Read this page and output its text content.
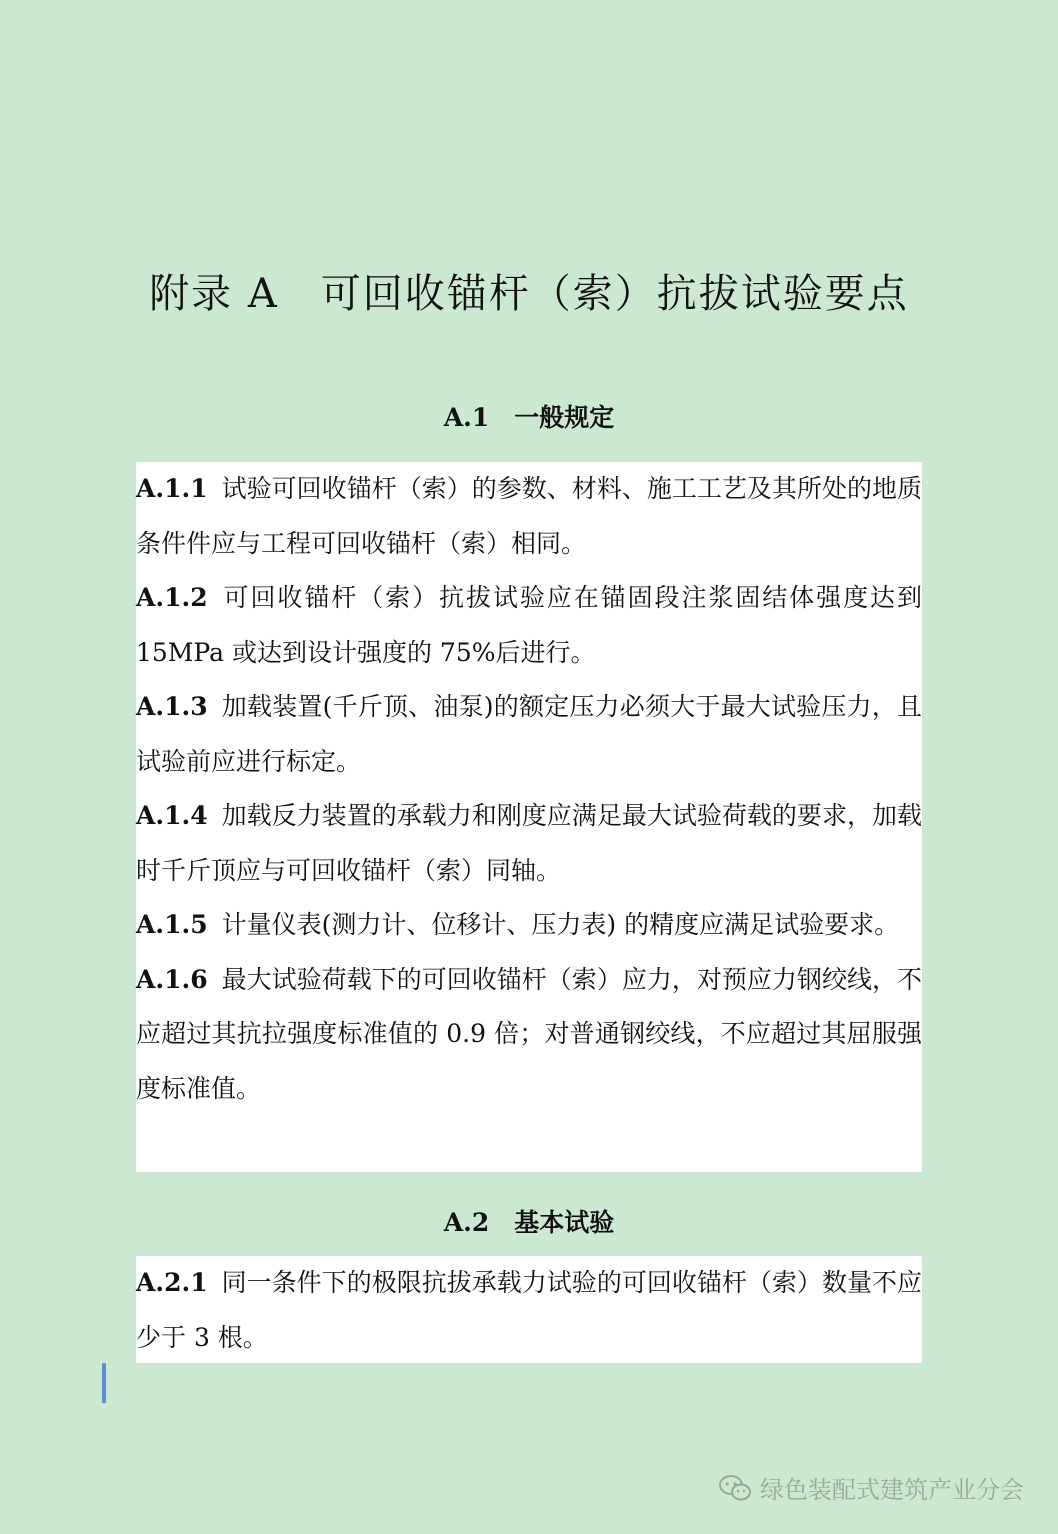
附录 A　可回收锚杆（索）抗拔试验要点
A.1　一般规定

A.1.1 试验可回收锚杆（索）的参数、材料、施工工艺及其所处的地质条件件应与工程可回收锚杆（索）相同。

A.1.2 可回收锚杆（索）抗拔试验应在锚固段注浆固结体强度达到 15MPa 或达到设计强度的 75%后进行。

A.1.3 加载装置(千斤顶、油泵)的额定压力必须大于最大试验压力，且试验前应进行标定。

A.1.4 加载反力装置的承载力和刚度应满足最大试验荷载的要求，加载时千斤顶应与可回收锚杆（索）同轴。

A.1.5 计量仪表(测力计、位移计、压力表) 的精度应满足试验要求。

A.1.6 最大试验荷载下的可回收锚杆（索）应力，对预应力钢绞线，不应超过其抗拉强度标准值的 0.9 倍；对普通钢绞线，不应超过其屈服强度标准值。

A.2　基本试验

A.2.1 同一条件下的极限抗拔承载力试验的可回收锚杆（索）数量不应少于 3 根。

绿色装配式建筑产业分会
